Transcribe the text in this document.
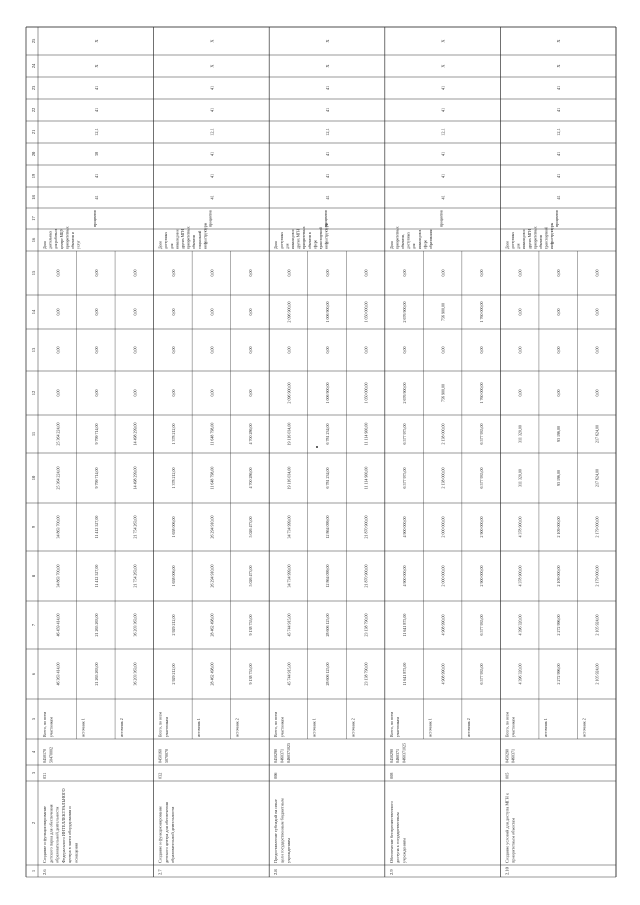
1
2
3
4
5
6
7
8
9
10
11
12
13
14
15
16
17
18
19
20
21
22
23
24
25
2.6
Создание и функционирование детского парка для обеспечения образовательной деятельности Федерального ИНТЕЛЛЕКТУАЛЬНОГО центра в части оборудования и оснащения
031
0450170 50470002
Всего, по всем участникам
46 363 414,00
46 459 414,00
34 863 700,00
34 863 700,00
25 364 224,00
25 364 224,00
0,00
0,00
0,00
0,00
источник 1
21 265 263,00
21 265 263,00
11 412 527,00
11 412 527,00
9 799 714,00
9 799 714,00
0,00
0,00
0,00
0,00
источник 2
36 203 363,00
36 203 363,00
21 754 263,00
21 754 263,00
14 498 299,00
14 498 299,00
0,00
0,00
0,00
0,00
Доля деятельных для работы в центре МЦУ приоритетных объектов и услуг
процентов
41
41
38
12,1
41
41
X
X
2.7
Создание и функционирование детского центра для обеспечения образовательной деятельности
032
0450160 5070070
Всего, по всем участникам
2 929 212,00
2 929 212,00
1 658 006,00
1 658 006,00
1 378 212,00
1 378 212,00
0,00
0,00
0,00
0,00
источник 1
28 462 498,00
28 462 498,00
26 294 910,00
26 294 910,00
11 648 798,00
11 648 798,00
0,00
0,00
0,00
0,00
источник 2
9 138 755,00
9 138 755,00
5 026 473,00
5 026 473,00
4 700 286,00
4 700 286,00
0,00
0,00
0,00
0,00
Доля доступных для инвалидов и других МГН приоритетных объектов социальной инфраструктуры
процентов
41
41
41
12,1
41
41
X
X
2.8
Предоставление субсидий на иные цели государственным бюджетным учреждениям
006
0450290 0460371 0460371025
Всего, по всем участникам
45 744 915,00
45 744 915,00
34 734 999,00
34 734 999,00
19 116 034,00
19 116 034,00
2 096 900,00
0,00
2 096 900,00
0,00
источник 1
28 606 125,00
28 606 125,00
12 864 099,00
12 864 099,00
6 781 234,00
6 781 234,00
1 006 900,00
0,00
1 006 900,00
0,00
источник 2
23 138 790,00
23 138 790,00
21 870 900,00
21 870 900,00
11 114 900,00
11 114 900,00
1 050 000,00
0,00
1 050 000,00
0,00
Доля доступных для инвалидов и других МГН приоритетных объектов в сфере транспортной инфраструктуры
процентов
41
41
41
12,1
41
41
X
X
2.9
Обеспечение беспрепятственного доступа к государственным учреждениям
008
0450290 0460371 0460371025
Всего, по всем участникам
11 641 875,00
11 641 875,00
4 900 000,00
4 900 000,00
6 577 975,00
6 577 975,00
2 676 900,00
0,00
2 676 900,00
0,00
источник 1
4 908 990,00
4 908 990,00
2 000 000,00
2 000 000,00
2 138 000,00
2 138 000,00
756 900,00
0,00
756 900,00
0,00
источник 2
6 577 935,00
6 577 935,00
2 900 000,00
2 900 000,00
6 577 935,00
6 577 935,00
1 760 000,00
0,00
1 760 000,00
0,00
Доля приоритетных объектов, доступных для инвалидов в сфере образования
процентов
41
41
41
12,1
41
41
X
X
2.10
Создание условий для доступа МГН к приоритетным объектам
005
0450290 0460371
Всего, по всем участникам
4 396 320,00
4 396 320,00
4 378 900,00
4 378 900,00
311 320,00
311 320,00
0,00
0,00
0,00
0,00
источник 1
2 272 996,00
2 272 996,00
2 109 000,00
2 109 000,00
93 196,00
93 196,00
0,00
0,00
0,00
0,00
источник 2
2 105 924,00
2 105 924,00
2 179 000,00
2 179 000,00
217 624,00
217 624,00
0,00
0,00
0,00
0,00
Доля доступных для инвалидов и других МГН приоритетных объектов транспортной инфраструктуры
процентов
41
41
41
12,1
41
41
X
X
